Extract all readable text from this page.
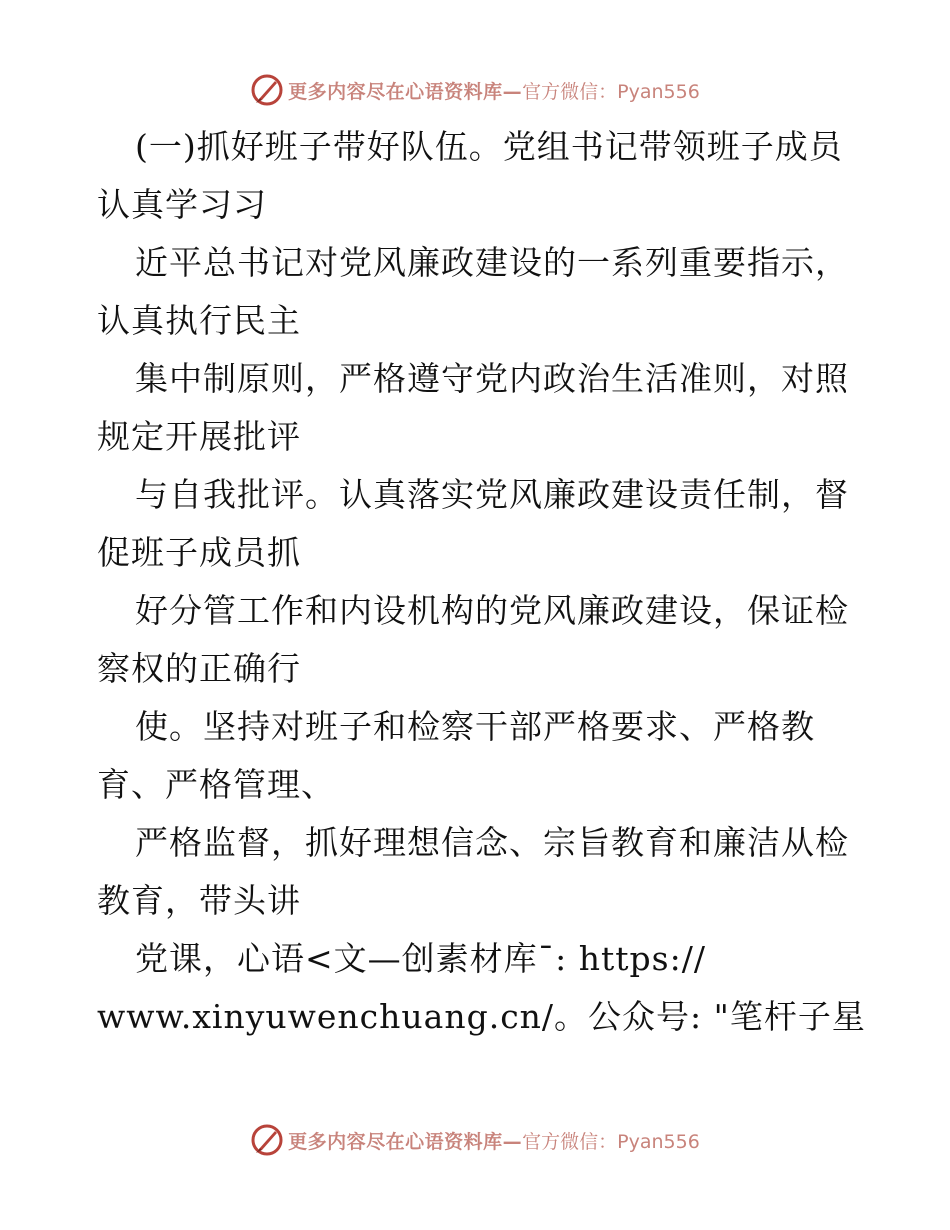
更多内容尽在心语资料库—官方微信：Pyan556
(一)抓好班子带好队伍。党组书记带领班子成员
认真学习习
近平总书记对党风廉政建设的一系列重要指示，
认真执行民主
集中制原则，严格遵守党内政治生活准则，对照
规定开展批评
与自我批评。认真落实党风廉政建设责任制，督
促班子成员抓
好分管工作和内设机构的党风廉政建设，保证检
察权的正确行
使。坚持对班子和检察干部严格要求、严格教
育、严格管理、
严格监督，抓好理想信念、宗旨教育和廉洁从检
教育，带头讲
党课，心语<文—创素材库¯: https://
www.xinyuwenchuang.cn/。公众号: "笔杆子星
更多内容尽在心语资料库—官方微信：Pyan556
